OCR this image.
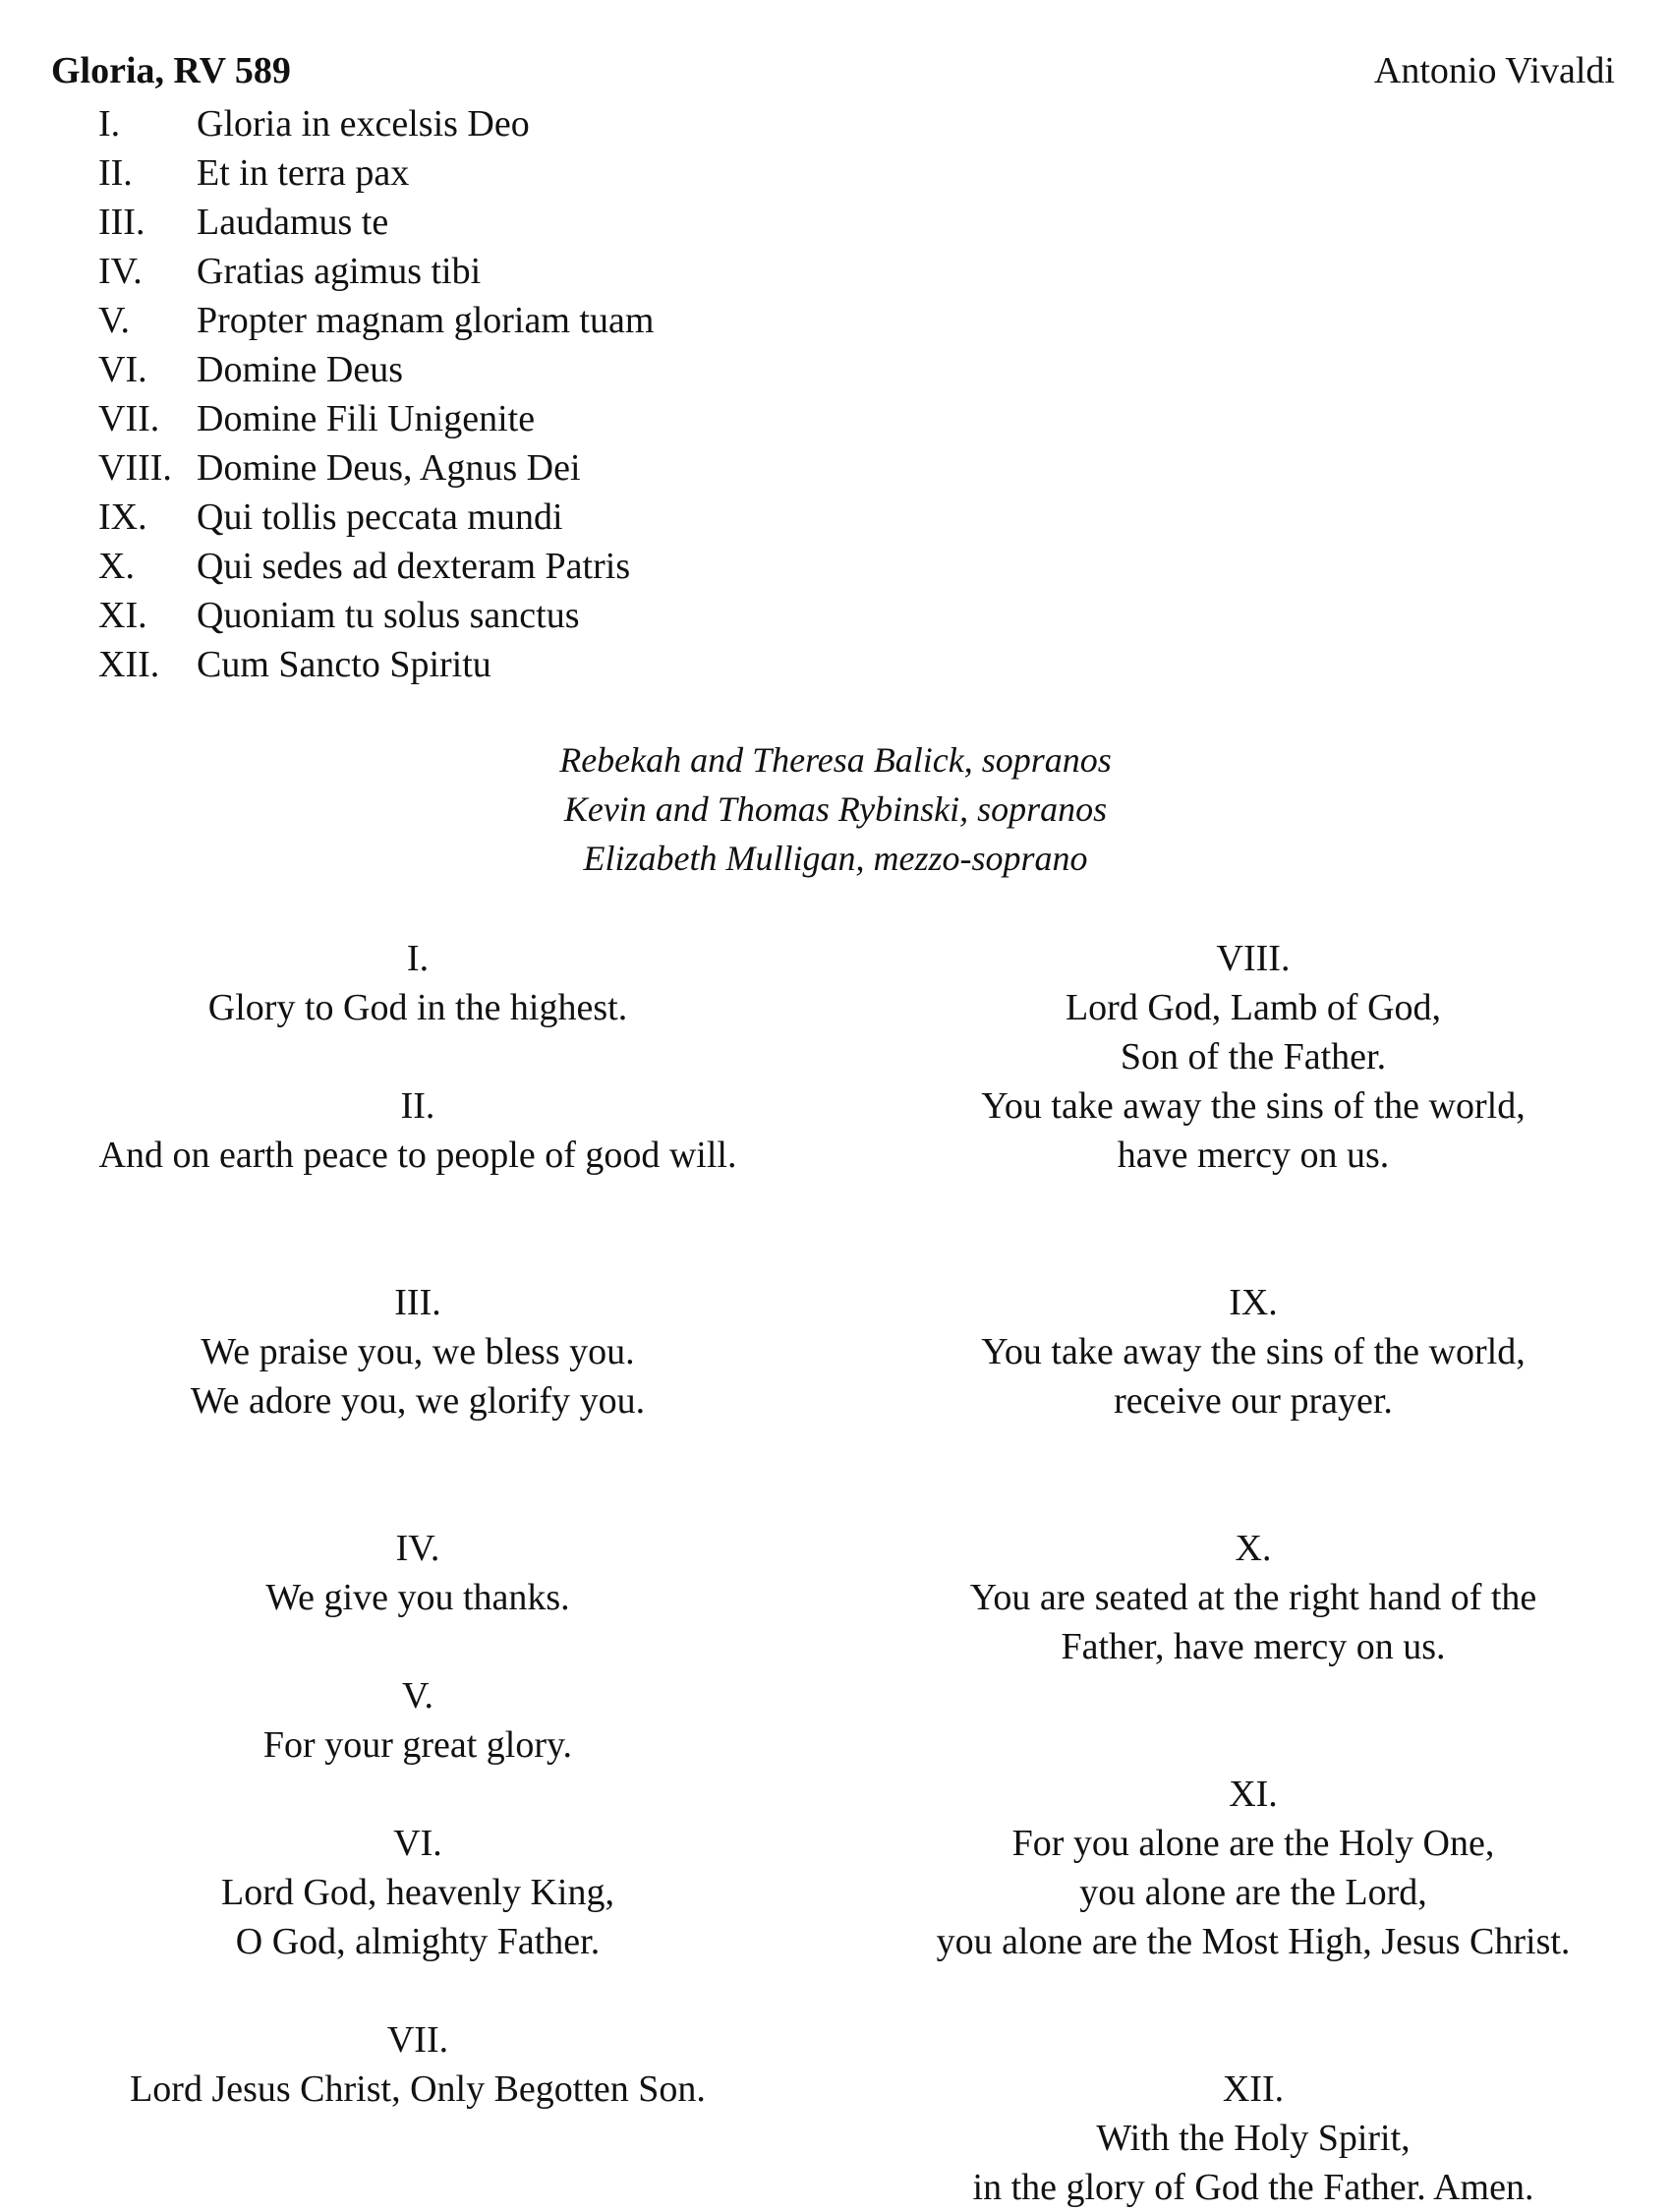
Gloria, RV 589	Antonio Vivaldi
I. Gloria in excelsis Deo
II. Et in terra pax
III. Laudamus te
IV. Gratias agimus tibi
V. Propter magnam gloriam tuam
VI. Domine Deus
VII. Domine Fili Unigenite
VIII. Domine Deus, Agnus Dei
IX. Qui tollis peccata mundi
X. Qui sedes ad dexteram Patris
XI. Quoniam tu solus sanctus
XII. Cum Sancto Spiritu
Rebekah and Theresa Balick, sopranos
Kevin and Thomas Rybinski, sopranos
Elizabeth Mulligan, mezzo-soprano
I.
Glory to God in the highest.
II.
And on earth peace to people of good will.
III.
We praise you, we bless you.
We adore you, we glorify you.
IV.
We give you thanks.
V.
For your great glory.
VI.
Lord God, heavenly King,
O God, almighty Father.
VII.
Lord Jesus Christ, Only Begotten Son.
VIII.
Lord God, Lamb of God,
Son of the Father.
You take away the sins of the world,
have mercy on us.
IX.
You take away the sins of the world,
receive our prayer.
X.
You are seated at the right hand of the
Father, have mercy on us.
XI.
For you alone are the Holy One,
you alone are the Lord,
you alone are the Most High, Jesus Christ.
XII.
With the Holy Spirit,
in the glory of God the Father. Amen.
